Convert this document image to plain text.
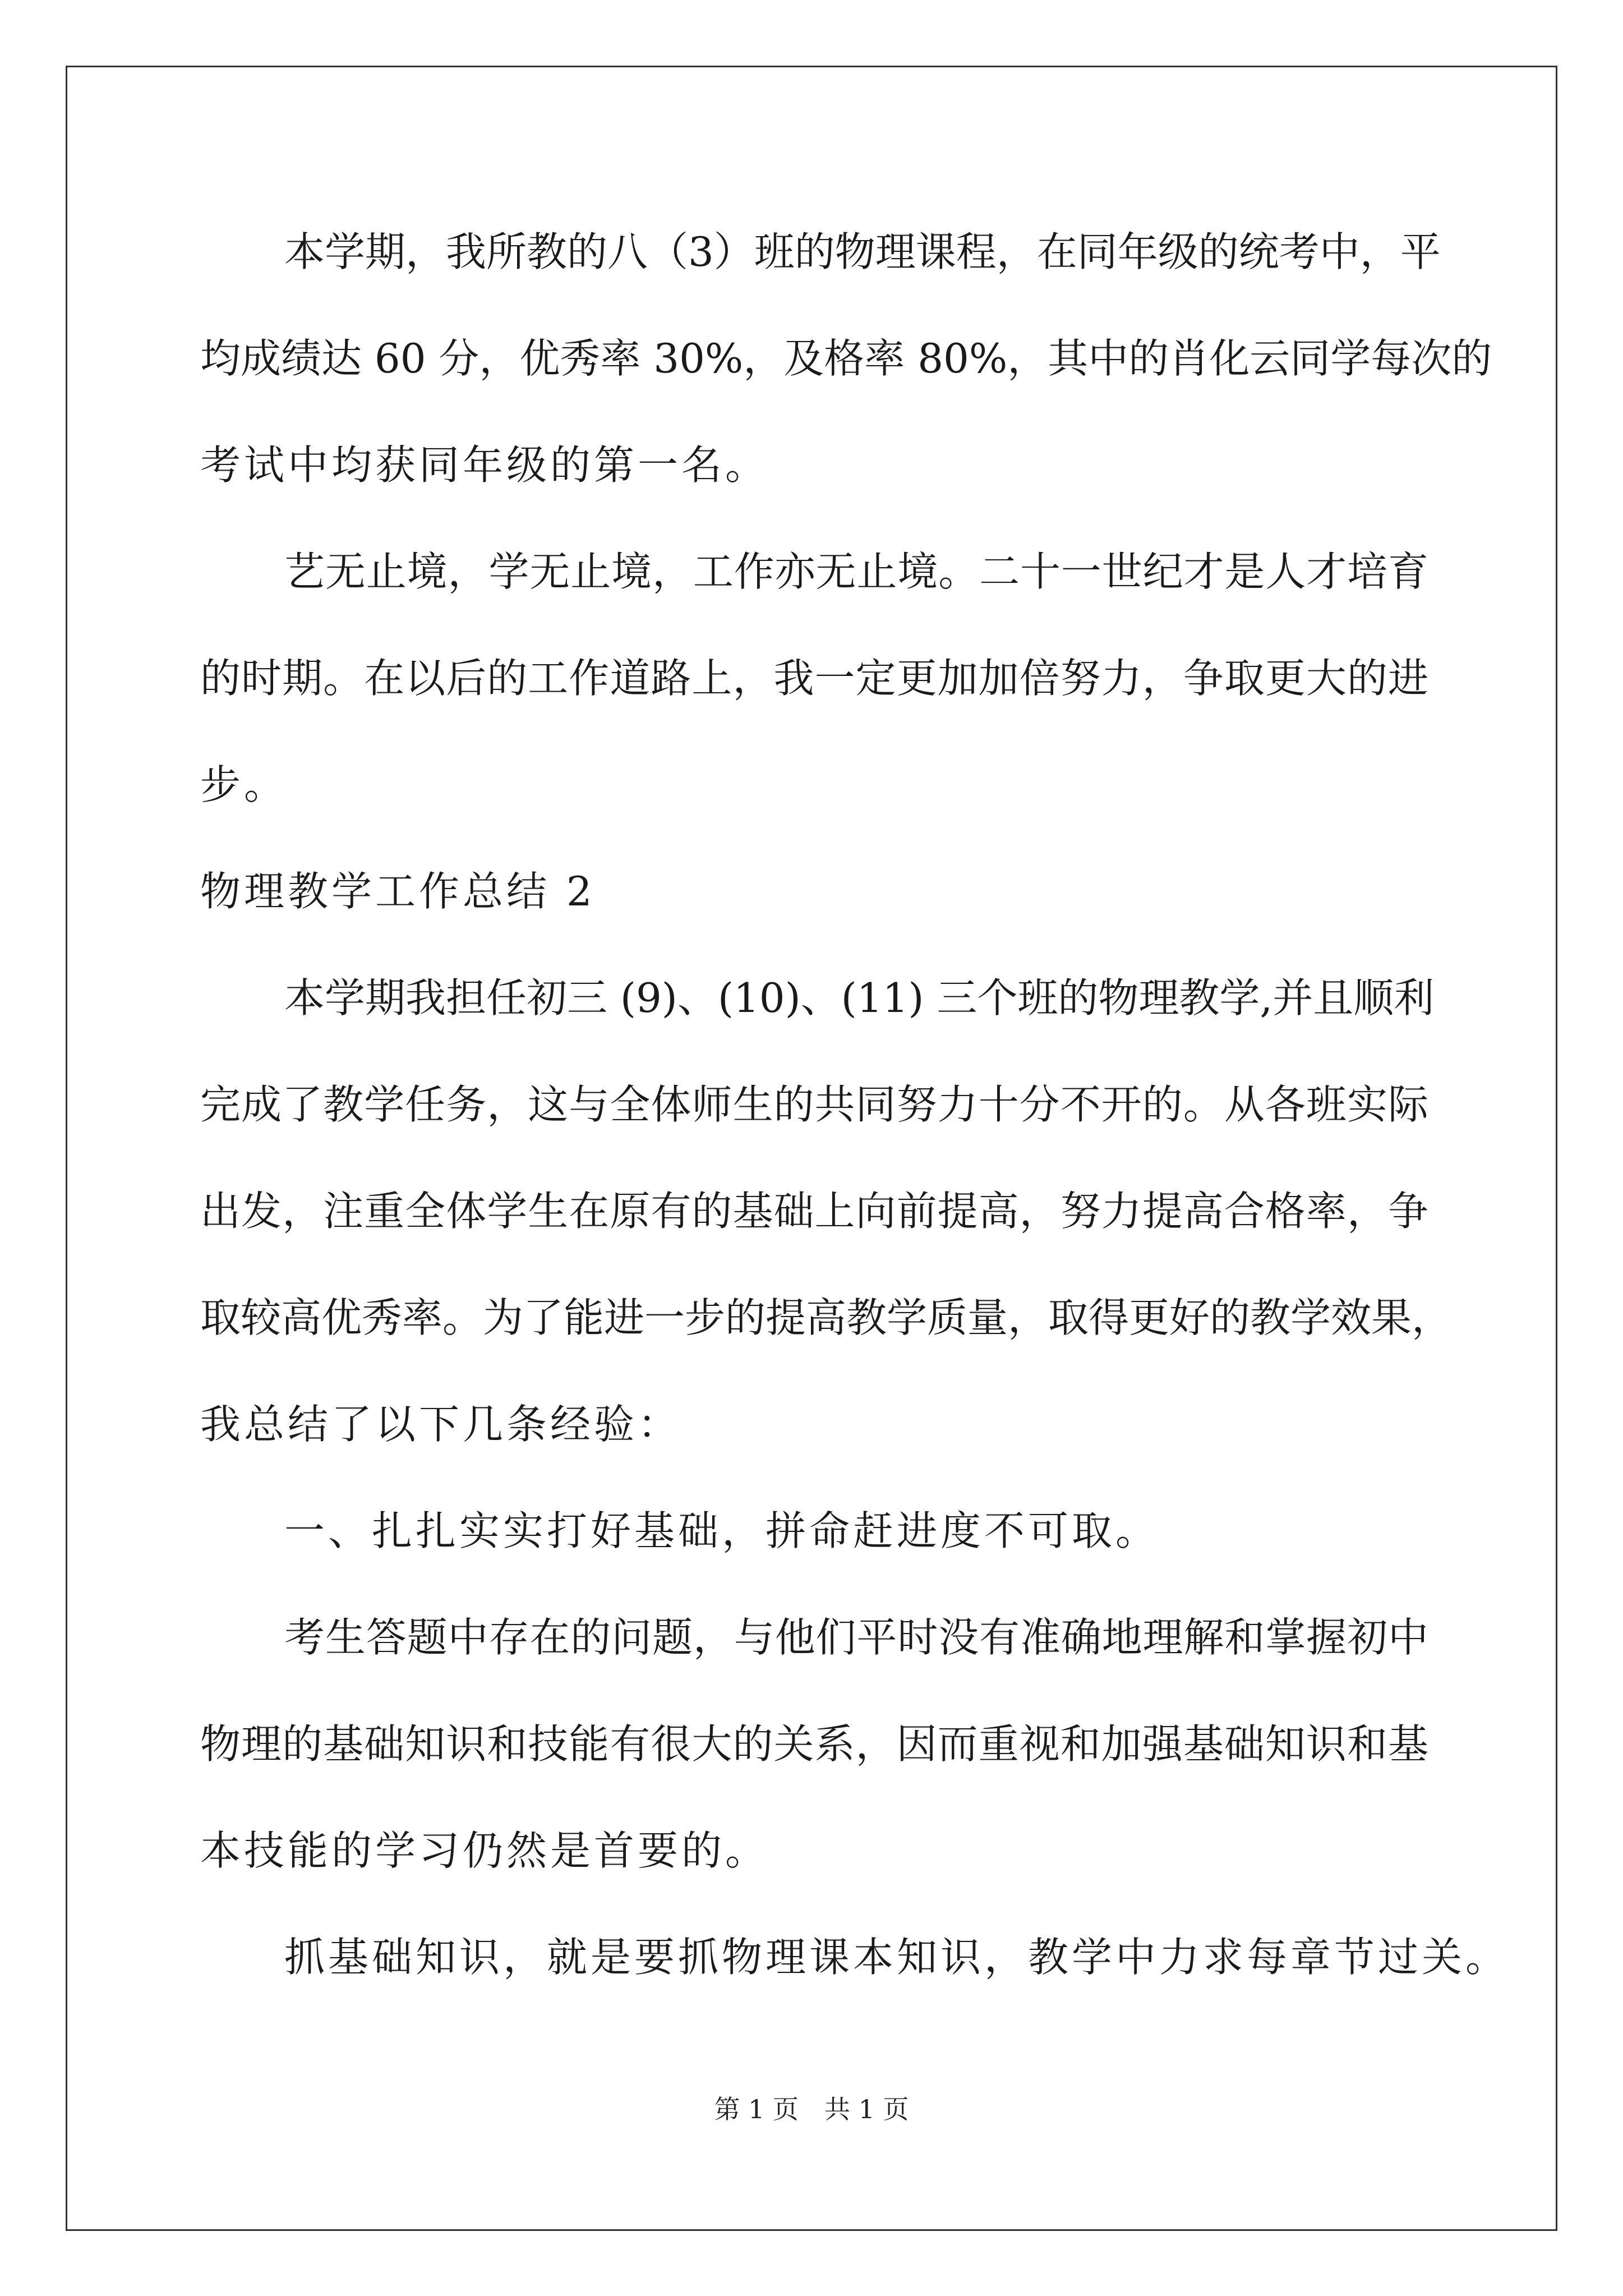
本学期，我所教的八（3）班的物理课程，在同年级的统考中，平
均成绩达 60 分，优秀率 30%，及格率 80%，其中的肖化云同学每次的
考试中均获同年级的第一名。
艺无止境，学无止境，工作亦无止境。二十一世纪才是人才培育
的时期。在以后的工作道路上，我一定更加加倍努力，争取更大的进
步。
物理教学工作总结 2
本学期我担任初三 (9)、(10)、(11) 三个班的物理教学,并且顺利
完成了教学任务，这与全体师生的共同努力十分不开的。从各班实际
出发，注重全体学生在原有的基础上向前提高，努力提高合格率，争
取较高优秀率。为了能进一步的提高教学质量，取得更好的教学效果，
我总结了以下几条经验：
一、扎扎实实打好基础，拼命赶进度不可取。
考生答题中存在的问题，与他们平时没有准确地理解和掌握初中
物理的基础知识和技能有很大的关系，因而重视和加强基础知识和基
本技能的学习仍然是首要的。
抓基础知识，就是要抓物理课本知识，教学中力求每章节过关。
第 1 页　共 1 页
